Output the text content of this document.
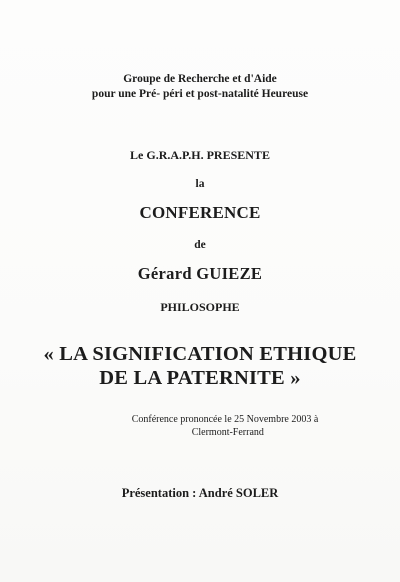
Groupe de Recherche et d'Aide
pour une Pré- péri et post-natalité Heureuse
Le G.R.A.P.H. PRESENTE
la
CONFERENCE
de
Gérard GUIEZE
PHILOSOPHE
« LA SIGNIFICATION ETHIQUE
DE LA PATERNITE »
Conférence prononcée le 25 Novembre 2003 à
Clermont-Ferrand
Présentation : André SOLER
